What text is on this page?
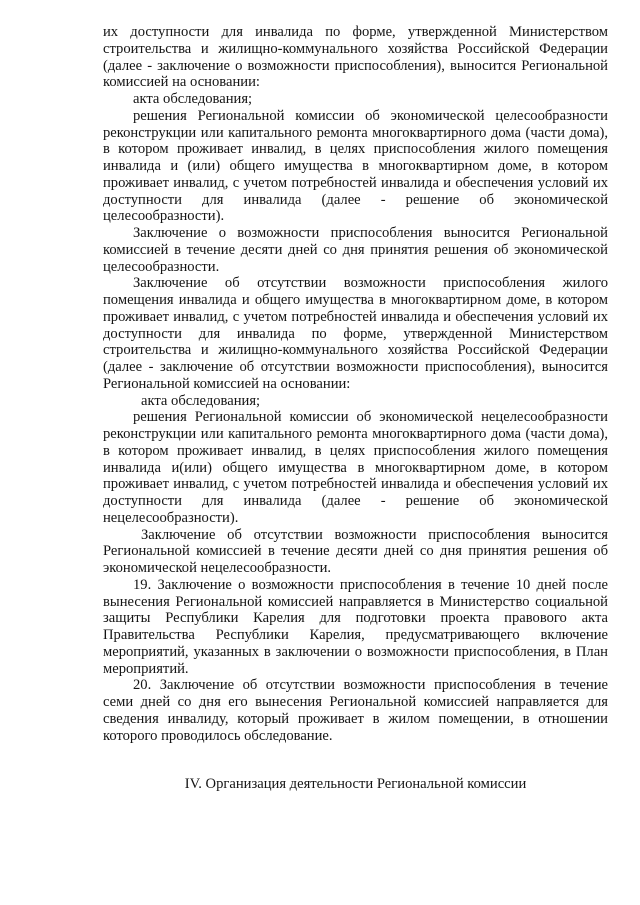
их доступности для инвалида по форме, утвержденной Министерством строительства и жилищно-коммунального хозяйства Российской Федерации (далее - заключение о возможности приспособления), выносится Региональной комиссией на основании:

акта обследования;

решения Региональной комиссии об экономической целесообразности реконструкции или капитального ремонта многоквартирного дома (части дома), в котором проживает инвалид, в целях приспособления жилого помещения инвалида и (или) общего имущества в многоквартирном доме, в котором проживает инвалид, с учетом потребностей инвалида и обеспечения условий их доступности для инвалида (далее - решение об экономической целесообразности).

Заключение о возможности приспособления выносится Региональной комиссией в течение десяти дней со дня принятия решения об экономической целесообразности.

Заключение об отсутствии возможности приспособления жилого помещения инвалида и общего имущества в многоквартирном доме, в котором проживает инвалид, с учетом потребностей инвалида и обеспечения условий их доступности для инвалида по форме, утвержденной Министерством строительства и жилищно-коммунального хозяйства Российской Федерации (далее - заключение об отсутствии возможности приспособления), выносится Региональной комиссией на основании:

акта обследования;

решения Региональной комиссии об экономической нецелесообразности реконструкции или капитального ремонта многоквартирного дома (части дома), в котором проживает инвалид, в целях приспособления жилого помещения инвалида и(или) общего имущества в многоквартирном доме, в котором проживает инвалид, с учетом потребностей инвалида и обеспечения условий их доступности для инвалида (далее - решение об экономической нецелесообразности).

Заключение об отсутствии возможности приспособления выносится Региональной комиссией в течение десяти дней со дня принятия решения об экономической нецелесообразности.

19. Заключение о возможности приспособления в течение 10 дней после вынесения Региональной комиссией направляется в Министерство социальной защиты Республики Карелия для подготовки проекта правового акта Правительства Республики Карелия, предусматривающего включение мероприятий, указанных в заключении о возможности приспособления, в План мероприятий.

20. Заключение об отсутствии возможности приспособления в течение семи дней со дня его вынесения Региональной комиссией направляется для сведения инвалиду, который проживает в жилом помещении, в отношении которого проводилось обследование.

IV. Организация деятельности Региональной комиссии
